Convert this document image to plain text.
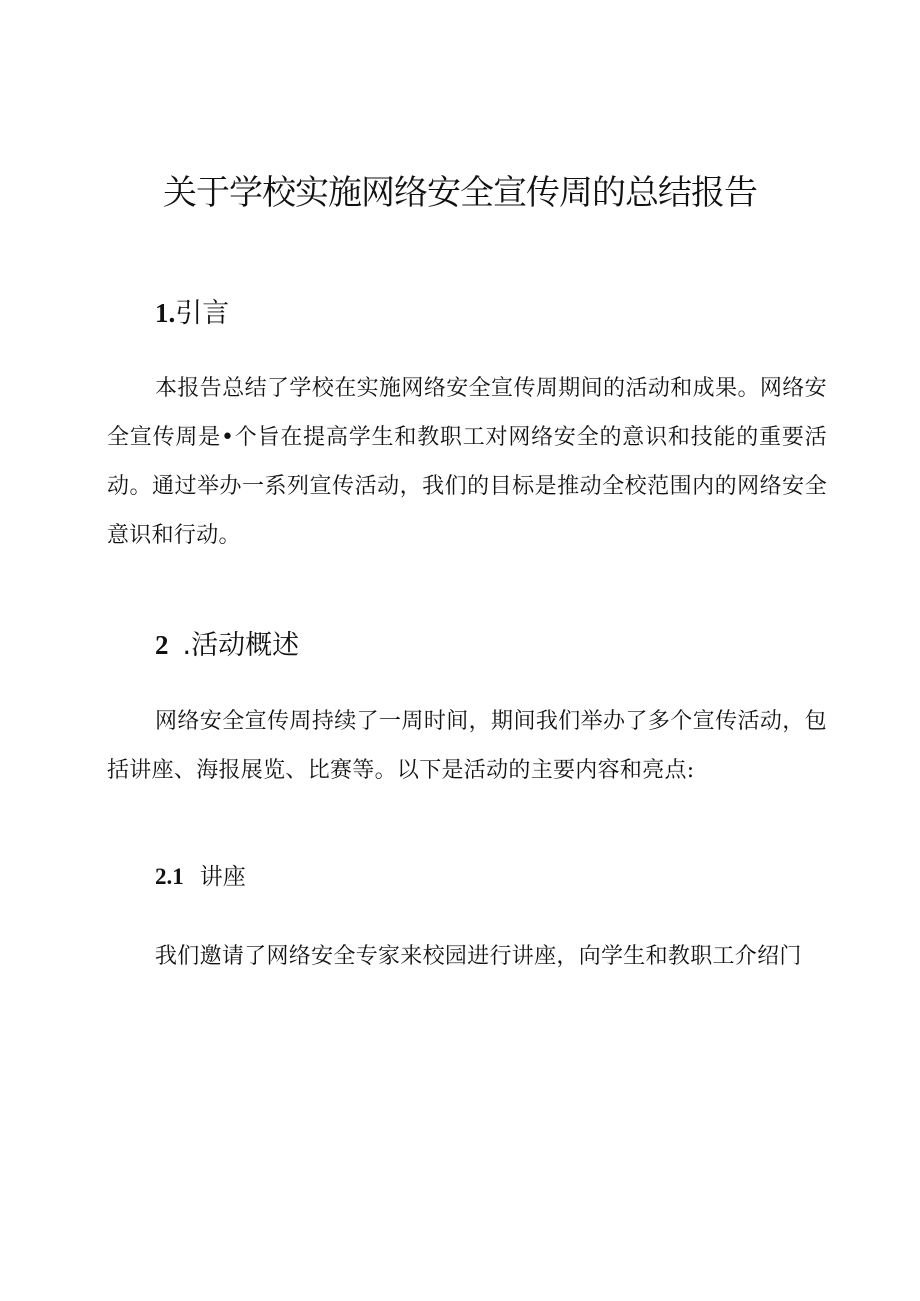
关于学校实施网络安全宣传周的总结报告
1.引言

本报告总结了学校在实施网络安全宣传周期间的活动和成果。网络安全宣传周是•个旨在提高学生和教职工对网络安全的意识和技能的重要活动。通过举办一系列宣传活动，我们的目标是推动全校范围内的网络安全意识和行动。

2 .活动概述

网络安全宣传周持续了一周时间，期间我们举办了多个宣传活动，包括讲座、海报展览、比赛等。以下是活动的主要内容和亮点:

2.1 讲座

我们邀请了网络安全专家来校园进行讲座，向学生和教职工介绍门
